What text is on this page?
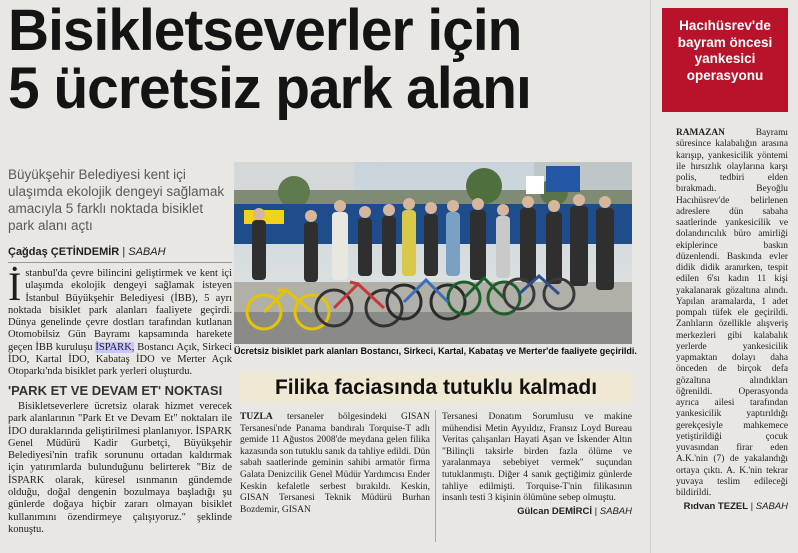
Bisikletseverler için
5 ücretsiz park alanı
Büyükşehir Belediyesi kent içi ulaşımda ekolojik dengeyi sağlamak amacıyla 5 farklı noktada bisiklet park alanı açtı
Çağdaş ÇETİNDEMİR | SABAH
İstanbul'da çevre bilincini geliştirmek ve kent içi ulaşımda ekolojik dengeyi sağlamak isteyen İstanbul Büyükşehir Belediyesi (İBB), 5 ayrı noktada bisiklet park alanları faaliyete geçirdi. Dünya genelinde çevre dostları tarafından kutlanan Otomobilsiz Gün Bayramı kapsamında harekete geçen İBB kuruluşu İSPARK, Bostancı Açık, Sirkeci İDO, Kartal İDO, Kabataş İDO ve Merter Açık Otoparkı'nda bisiklet park yerleri oluşturdu.
'PARK ET VE DEVAM ET' NOKTASI
Bisikletseverlere ücretsiz olarak hizmet verecek park alanlarının "Park Et ve Devam Et" noktaları ile İDO duraklarında geliştirilmesi planlanıyor. İSPARK Genel Müdürü Kadir Gurbetçi, Büyükşehir Belediyesi'nin trafik sorununu ortadan kaldırmak için yatırımlarda bulunduğunu belirterek "Biz de İSPARK olarak, küresel ısınmanın gündemde olduğu, doğal dengenin bozulmaya başladığı şu günlerde doğaya hiçbir zararı olmayan bisiklet kullanımını özendirmeye çalışıyoruz." şeklinde konuştu.
Ücretsiz bisiklet park alanları Bostancı, Sirkeci, Kartal, Kabataş ve Merter'de faaliyete geçirildi.
Filika faciasında tutuklu kalmadı
TUZLA tersaneler bölgesindeki GISAN Tersanesi'nde Panama bandıralı Torquise-T adlı gemide 11 Ağustos 2008'de meydana gelen filika kazasında son tutuklu sanık da tahliye edildi. Dün sabah saatlerinde geminin sahibi armatör firma Galata Denizcilik Genel Müdür Yardımcısı Ender Keskin kefaletle serbest bırakıldı. Keskin, GISAN Tersanesi Teknik Müdürü Burhan Bozdemir, GISAN
Tersanesi Donatım Sorumlusu ve makine mühendisi Metin Ayyıldız, Fransız Loyd Bureau Veritas çalışanları Hayati Aşan ve İskender Altın "Bilinçli taksirle birden fazla ölüme ve yaralanmaya sebebiyet vermek" suçundan tutuklanmıştı. Diğer 4 sanık geçtiğimiz günlerde tahliye edilmişti. Torquise-T'nin filikasının insanlı testi 3 kişinin ölümüne sebep olmuştu.
Gülcan DEMİRCİ | SABAH
Hacıhüsrev'de
bayram öncesi
yankesici
operasyonu
RAMAZAN Bayramı süresince kalabalığın arasına karışıp, yankesicilik yöntemi ile hırsızlık olaylarına karşı polis, tedbiri elden bırakmadı. Beyoğlu Hacıhüsrev'de belirlenen adreslere dün sabaha saatlerinde yankesicilik ve dolandırıcılık büro amirliği ekiplerince baskın düzenlendi. Baskında evler didik didik aranırken, tespit edilen 6'sı kadın 11 kişi yakalanarak gözaltına alındı. Yapılan aramalarda, 1 adet pompalı tüfek ele geçirildi. Zanlıların özellikle alışveriş merkezleri gibi kalabalık yerlerde yankesicilik yapmaktan dolayı daha önceden de birçok defa gözaltına alındıkları öğrenildi. Operasyonda ayrıca ailesi tarafından yankesicilik yaptırıldığı gerekçesiyle mahkemece yetiştirildiği çocuk yuvasından firar eden A.K.'nin (7) de yakalandığı ortaya çıktı. A. K.'nin tekrar yuvaya teslim edileceği bildirildi.
Rıdvan TEZEL | SABAH
